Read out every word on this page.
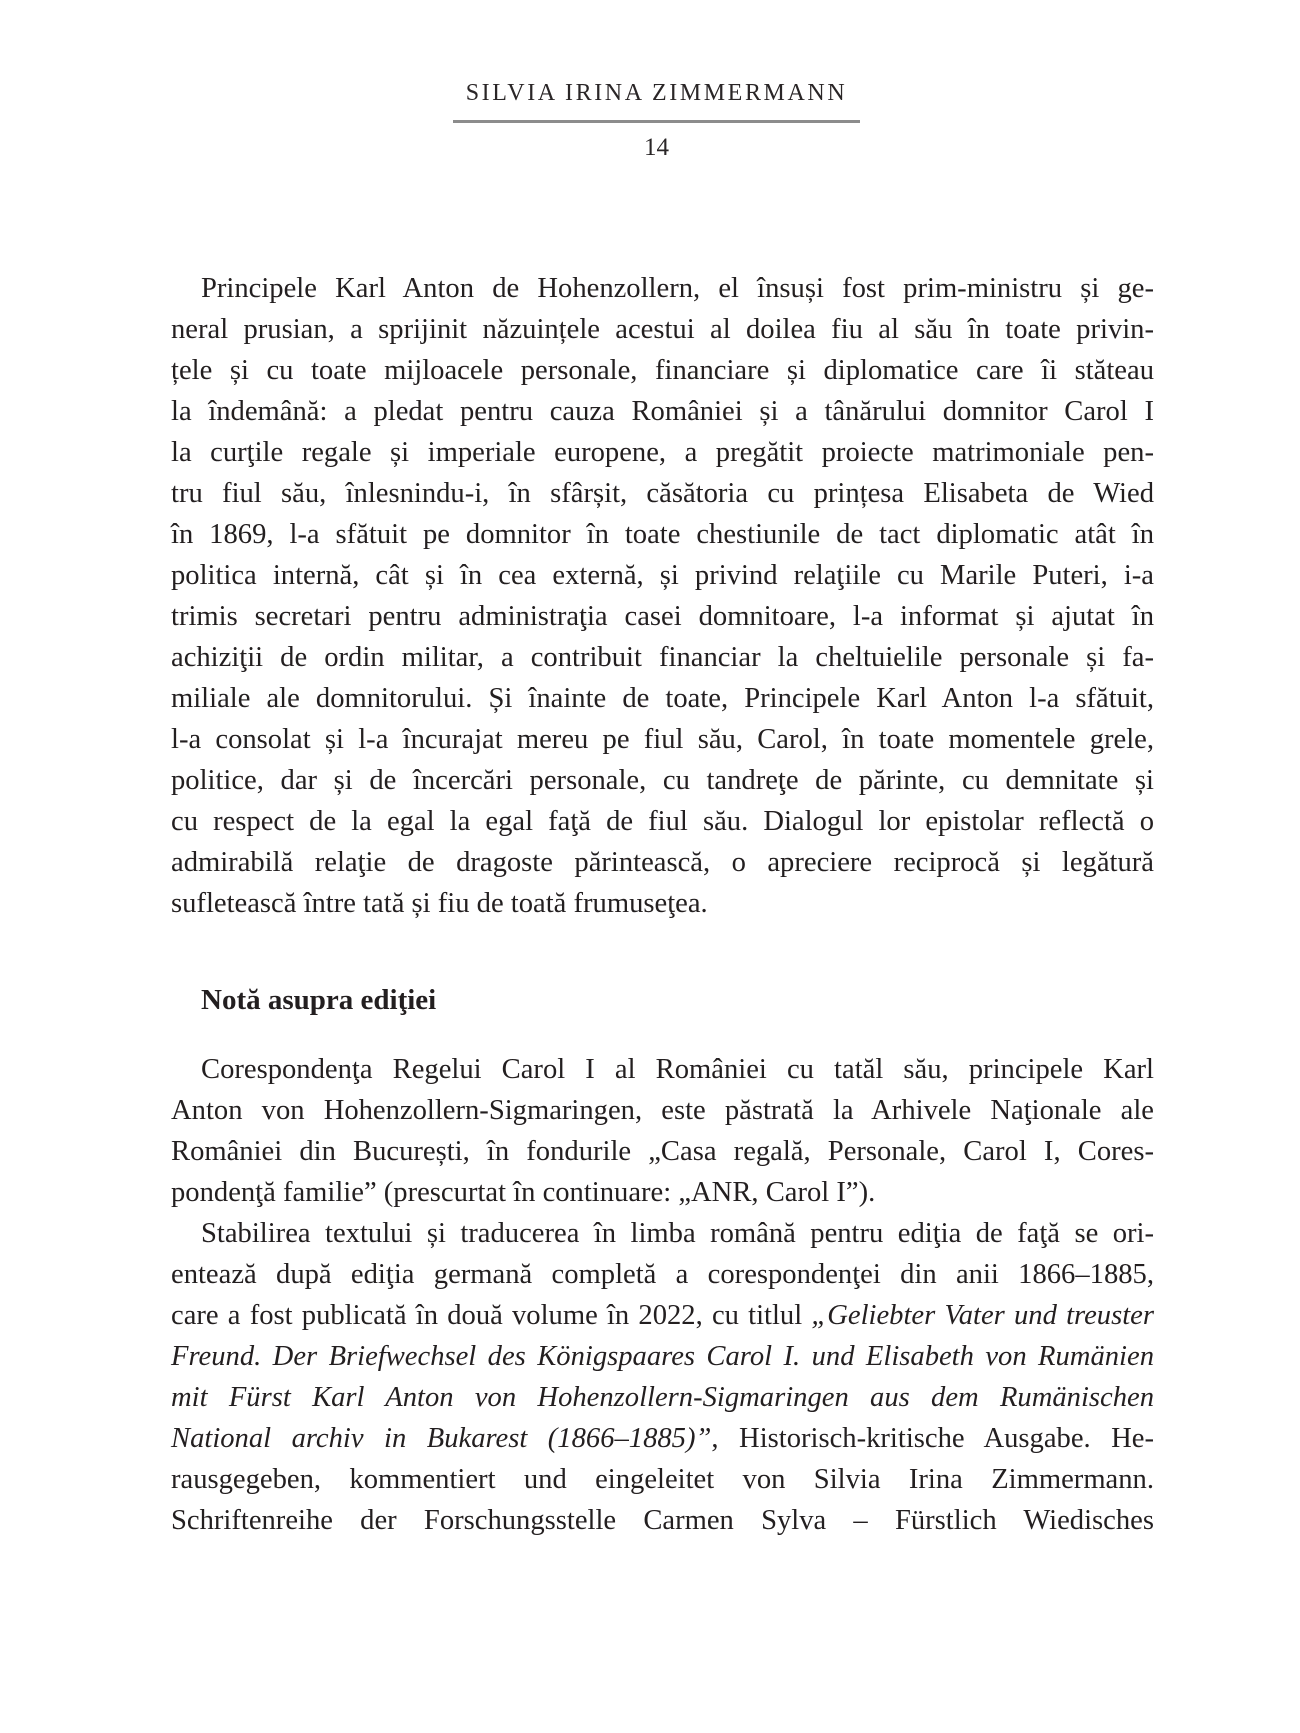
SILVIA IRINA ZIMMERMANN
14

Principele Karl Anton de Hohenzollern, el însuși fost prim-ministru și ge-
neral prusian, a sprijinit năzuințele acestui al doilea fiu al său în toate privin-
țele și cu toate mijloacele personale, financiare și diplomatice care îi stăteau
la îndemână: a pledat pentru cauza României și a tânărului domnitor Carol I
la curţile regale și imperiale europene, a pregătit proiecte matrimoniale pen-
tru fiul său, înlesnindu-i, în sfârșit, căsătoria cu prințesa Elisabeta de Wied
în 1869, l-a sfătuit pe domnitor în toate chestiunile de tact diplomatic atât în
politica internă, cât și în cea externă, și privind relaţiile cu Marile Puteri, i-a
trimis secretari pentru administraţia casei domnitoare, l-a informat și ajutat în
achiziţii de ordin militar, a contribuit financiar la cheltuielile personale și fa-
miliale ale domnitorului. Și înainte de toate, Principele Karl Anton l-a sfătuit,
l-a consolat și l-a încurajat mereu pe fiul său, Carol, în toate momentele grele,
politice, dar și de încercări personale, cu tandreţe de părinte, cu demnitate și
cu respect de la egal la egal faţă de fiul său. Dialogul lor epistolar reflectă o
admirabilă relaţie de dragoste părintească, o apreciere reciprocă și legătură
sufletească între tată și fiu de toată frumuseţea.

Notă asupra ediţiei

Corespondenţa Regelui Carol I al României cu tatăl său, principele Karl
Anton von Hohenzollern-Sigmaringen, este păstrată la Arhivele Naţionale ale
României din București, în fondurile „Casa regală, Personale, Carol I, Cores-
pondenţă familie” (prescurtat în continuare: „ANR, Carol I”).

Stabilirea textului și traducerea în limba română pentru ediţia de faţă se ori-
entează după ediţia germană completă a corespondenţei din anii 1866–1885,
care a fost publicată în două volume în 2022, cu titlul „Geliebter Vater und treuster
Freund. Der Briefwechsel des Königspaares Carol I. und Elisabeth von Rumänien
mit Fürst Karl Anton von Hohenzollern-Sigmaringen aus dem Rumänischen
National archiv in Bukarest (1866–1885)”, Historisch-kritische Ausgabe. He-
rausgegeben, kommentiert und eingeleitet von Silvia Irina Zimmermann.
Schriftenreihe der Forschungsstelle Carmen Sylva – Fürstlich Wiedisches
